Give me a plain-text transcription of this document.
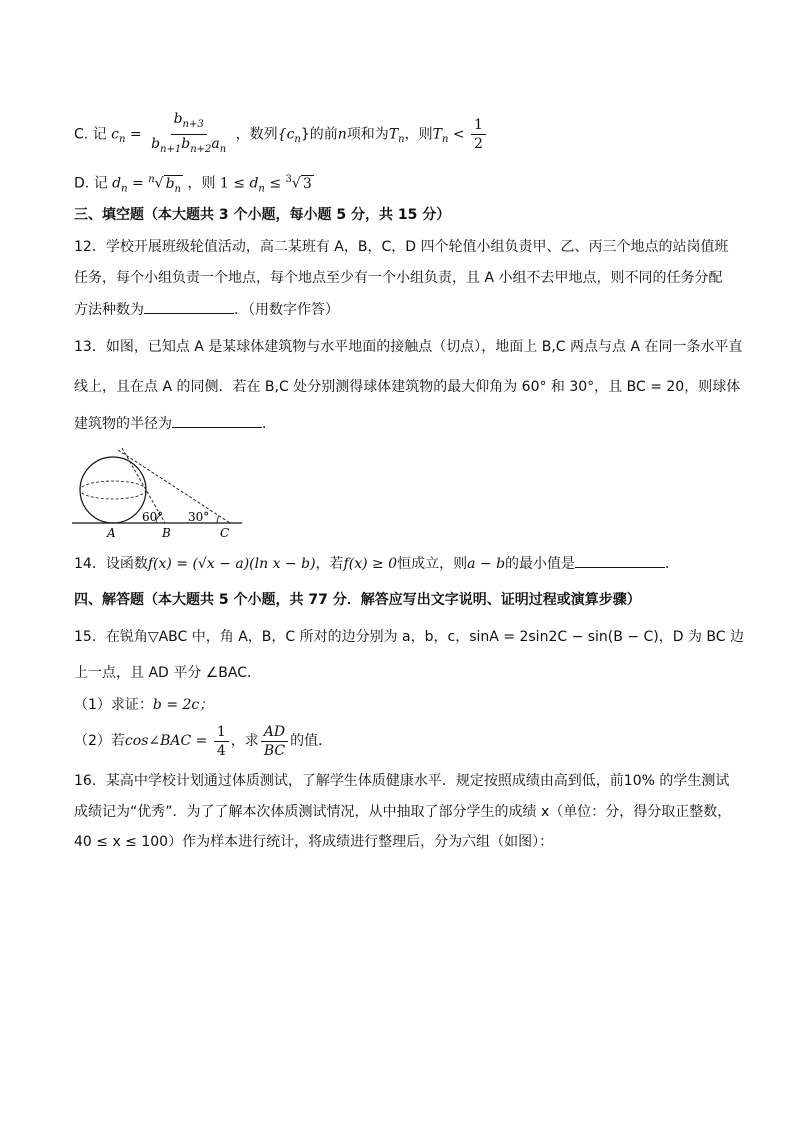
C. 记 $c_n = \frac{b_{n+3}}{b_{n+1}b_{n+2}a_n}$ ，数列$\{c_n\}$的前n项和为$T_n$，则$T_n < \frac{1}{2}$
D. 记 $d_n = ^n√$ $b_n$ ，则 $1 \le d_n \le ^3√$ 3
三、填空题（本大题共 3 个小题，每小题 5 分，共 15 分）
12．学校开展班级轮值活动，高二某班有 A，B，C，D 四个轮值小组负责甲、乙、丙三个地点的站岗值班
任务，每个小组负责一个地点，每个地点至少有一个小组负责，且 A 小组不去甲地点，则不同的任务分配
方法种数为	．（用数字作答）
13．如图，已知点 A 是某球体建筑物与水平地面的接触点（切点），地面上 B,C 两点与点 A 在同一条水平直
线上，且在点 A 的同侧．若在 B,C 处分别测得球体建筑物的最大仰角为 60° 和 30°，且 BC = 20，则球体
建筑物的半径为	．
60° 30°
A	B	C
14．设函数f(x) = (√x − a)(ln x − b)，若f(x) ≥ 0恒成立，则a − b的最小值是	．
四、解答题（本大题共 5 个小题，共 77 分．解答应写出文字说明、证明过程或演算步骤）
15．在锐角▽ABC 中，角 A，B，C 所对的边分别为 a，b，c，sinA = 2sin2C − sin(B − C)，D 为 BC 边
上一点，且 AD 平分 ∠BAC．
（1）求证：b = 2c；
（2）若cos∠BAC = $\frac{1}{4}$ ，求 $\frac{AD}{BC}$ 的值．
16．某高中学校计划通过体质测试，了解学生体质健康水平．规定按照成绩由高到低，前10% 的学生测试
成绩记为“优秀”．为了了解本次体质测试情况，从中抽取了部分学生的成绩 x（单位：分，得分取正整数，
40 ≤ x ≤ 100）作为样本进行统计，将成绩进行整理后，分为六组（如图）：
